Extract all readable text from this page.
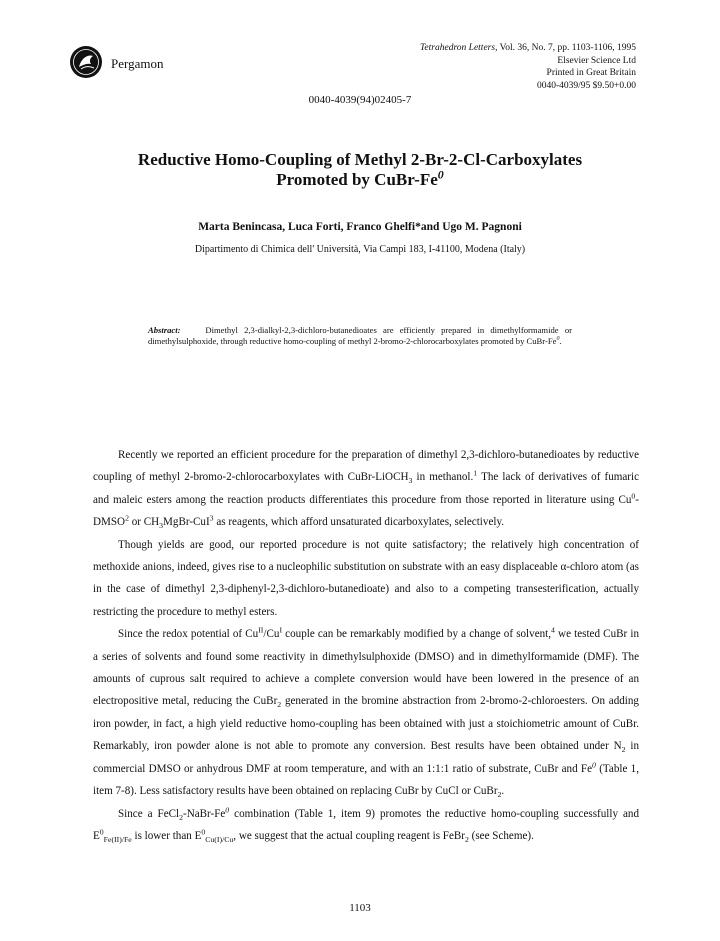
Pergamon
Tetrahedron Letters, Vol. 36, No. 7, pp. 1103-1106, 1995
Elsevier Science Ltd
Printed in Great Britain
0040-4039/95 $9.50+0.00
0040-4039(94)02405-7
Reductive Homo-Coupling of Methyl 2-Br-2-Cl-Carboxylates
Promoted by CuBr-Fe$^0$
Marta Benincasa, Luca Forti, Franco Ghelfi*and Ugo M. Pagnoni
Dipartimento di Chimica dell' Università, Via Campi 183, I-41100, Modena (Italy)
Abstract:	Dimethyl 2,3-dialkyl-2,3-dichloro-butanedioates are efficiently prepared in dimethylformamide or dimethylsulphoxide, through reductive homo-coupling of methyl 2-bromo-2-chlorocarboxylates promoted by CuBr-Fe$^0$.

Recently we reported an efficient procedure for the preparation of dimethyl 2,3-dichloro-butanedioates by reductive coupling of methyl 2-bromo-2-chlorocarboxylates with CuBr-LiOCH$_3$ in methanol.$^1$ The lack of derivatives of fumaric and maleic esters among the reaction products differentiates this procedure from those reported in literature using Cu$^0$-DMSO$^2$ or $CH_3MgBr-CuI^3$ as reagents, which afford unsaturated dicarboxylates, selectively.

Though yields are good, our reported procedure is not quite satisfactory; the relatively high concentration of methoxide anions, indeed, gives rise to a nucleophilic substitution on substrate with an easy displaceable α-chloro atom (as in the case of dimethyl 2,3-diphenyl-2,3-dichloro-butanedioate) and also to a competing transesterification, actually restricting the procedure to methyl esters.

Since the redox potential of $Cu^{II}/Cu^I$ couple can be remarkably modified by a change of solvent,$^4$ we tested CuBr in a series of solvents and found some reactivity in dimethylsulphoxide (DMSO) and in dimethylformamide (DMF). The amounts of cuprous salt required to achieve a complete conversion would have been lowered in the presence of an electropositive metal, reducing the CuBr$_2$ generated in the bromine abstraction from 2-bromo-2-chloroesters. On adding iron powder, in fact, a high yield reductive homo-coupling has been obtained with just a stoichiometric amount of CuBr. Remarkably, iron powder alone is not able to promote any conversion. Best results have been obtained under $N_2$ in commercial DMSO or anhydrous DMF at room temperature, and with an 1:1:1 ratio of substrate, CuBr and Fe$^0$ (Table 1, item 7-8). Less satisfactory results have been obtained on replacing CuBr by CuCl or CuBr$_2$.

Since a $FeCl_2-NaBr-Fe^0$ combination (Table 1, item 9) promotes the reductive homo-coupling successfully and $E^0_{Fe(II)/Fe}$ is lower than $E^0_{Cu(I)/Cu}$, we suggest that the actual coupling reagent is FeBr$_2$ (see Scheme).

1103
